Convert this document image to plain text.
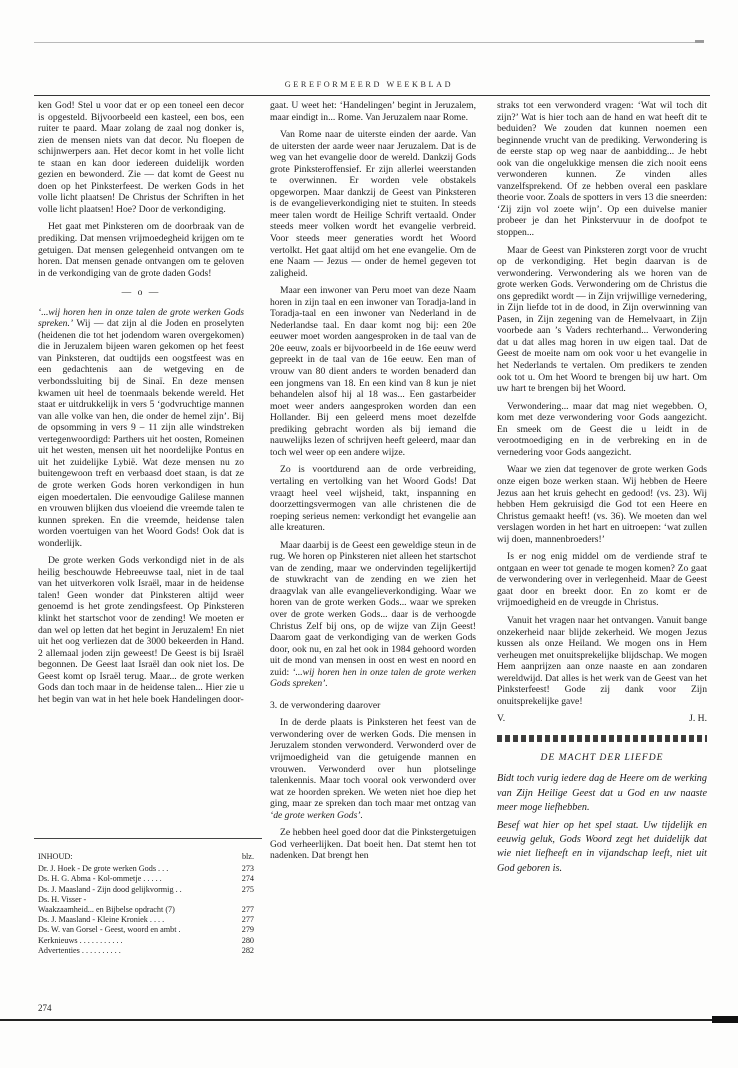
GEREFORMEERD WEEKBLAD

ken God! Stel u voor dat er op een toneel een decor is opgesteld. Bijvoorbeeld een kasteel, een bos, een ruiter te paard. Maar zolang de zaal nog donker is, zien de mensen niets van dat decor. Nu floepen de schijnwerpers aan. Het decor komt in het volle licht te staan en kan door iedereen duidelijk worden gezien en bewonderd. Zie — dat komt de Geest nu doen op het Pinksterfeest. De werken Gods in het volle licht plaatsen! De Christus der Schriften in het volle licht plaatsen! Hoe? Door de verkondiging.

Het gaat met Pinksteren om de doorbraak van de prediking. Dat mensen vrijmoedegheid krijgen om te getuigen. Dat mensen gelegenheid ontvangen om te horen. Dat mensen genade ontvangen om te geloven in de verkondiging van de grote daden Gods!

— o —

‘...wij horen hen in onze talen de grote werken Gods spreken.’ Wij — dat zijn al die Joden en proselyten (heidenen die tot het jodendom waren overgekomen) die in Jeruzalem bijeen waren gekomen op het feest van Pinksteren, dat oudtijds een oogstfeest was en een gedachtenis aan de wetgeving en de verbondssluiting bij de Sinaï. En deze mensen kwamen uit heel de toenmaals bekende wereld. Het staat er uitdrukkelijk in vers 5 ‘godvruchtige mannen van alle volke van hen, die onder de hemel zijn’. Bij de opsomming in vers 9 – 11 zijn alle windstreken vertegenwoordigd: Parthers uit het oosten, Romeinen uit het westen, mensen uit het noordelijke Pontus en uit het zuidelijke Lybië. Wat deze mensen nu zo buitengewoon treft en verbaasd doet staan, is dat ze de grote werken Gods horen verkondigen in hun eigen moedertalen. Die eenvoudige Galilese mannen en vrouwen blijken dus vloeiend die vreemde talen te kunnen spreken. En die vreemde, heidense talen worden voertuigen van het Woord Gods! Ook dat is wonderlijk.

De grote werken Gods verkondigd niet in de als heilig beschouwde Hebreeuwse taal, niet in de taal van het uitverkoren volk Israël, maar in de heidense talen! Geen wonder dat Pinksteren altijd weer genoemd is het grote zendingsfeest. Op Pinksteren klinkt het startschot voor de zending! We moeten er dan wel op letten dat het begint in Jeruzalem! En niet uit het oog verliezen dat de 3000 bekeerden in Hand. 2 allemaal joden zijn geweest! De Geest is bij Israël begonnen. De Geest laat Israël dan ook niet los. De Geest komt op Israël terug. Maar... de grote werken Gods dan toch maar in de heidense talen... Hier zie u het begin van wat in het hele boek Handelingen door-

INHOUD:	blz.
Dr. J. Hoek - De grote werken Gods . . .	273
Ds. H. G. Abma - Kol-ommetje . . . . .	274
Ds. J. Maasland - Zijn dood gelijkvormig . .	275
Ds. H. Visser -
Waakzaamheid... en Bijbelse opdracht (7)	277
Ds. J. Maasland - Kleine Kroniek . . . .	277
Ds. W. van Gorsel - Geest, woord en ambt .	279
Kerknieuws . . . . . . . . . . .	280
Advertenties . . . . . . . . . .	282

gaat. U weet het: ‘Handelingen’ begint in Jeruzalem, maar eindigt in... Rome. Van Jeruzalem naar Rome.

Van Rome naar de uiterste einden der aarde. Van de uitersten der aarde weer naar Jeruzalem. Dat is de weg van het evangelie door de wereld. Dankzij Gods grote Pinksteroffensief. Er zijn allerlei weerstanden te overwinnen. Er worden vele obstakels opgeworpen. Maar dankzij de Geest van Pinksteren is de evangelieverkondiging niet te stuiten. In steeds meer talen wordt de Heilige Schrift vertaald. Onder steeds meer volken wordt het evangelie verbreid. Voor steeds meer generaties wordt het Woord vertolkt. Het gaat altijd om het ene evangelie. Om de ene Naam — Jezus — onder de hemel gegeven tot zaligheid.

Maar een inwoner van Peru moet van deze Naam horen in zijn taal en een inwoner van Toradja-land in Toradja-taal en een inwoner van Nederland in de Nederlandse taal. En daar komt nog bij: een 20e eeuwer moet worden aangesproken in de taal van de 20e eeuw, zoals er bijvoorbeeld in de 16e eeuw werd gepreekt in de taal van de 16e eeuw. Een man of vrouw van 80 dient anders te worden benaderd dan een jongmens van 18. En een kind van 8 kun je niet behandelen alsof hij al 18 was... Een gastarbeider moet weer anders aangesproken worden dan een Hollander. Bij een geleerd mens moet dezelfde prediking gebracht worden als bij iemand die nauwelijks lezen of schrijven heeft geleerd, maar dan toch wel weer op een andere wijze.

Zo is voortdurend aan de orde verbreiding, vertaling en vertolking van het Woord Gods! Dat vraagt heel veel wijsheid, takt, inspanning en doorzettingsvermogen van alle christenen die de roeping serieus nemen: verkondigt het evangelie aan alle kreaturen.

Maar daarbij is de Geest een geweldige steun in de rug. We horen op Pinksteren niet alleen het startschot van de zending, maar we ondervinden tegelijkertijd de stuwkracht van de zending en we zien het draagvlak van alle evangelieverkondiging. Waar we horen van de grote werken Gods... waar we spreken over de grote werken Gods... daar is de verhoogde Christus Zelf bij ons, op de wijze van Zijn Geest! Daarom gaat de verkondiging van de werken Gods door, ook nu, en zal het ook in 1984 gehoord worden uit de mond van mensen in oost en west en noord en zuid: ‘...wij horen hen in onze talen de grote werken Gods spreken’.

3. de verwondering daarover

In de derde plaats is Pinksteren het feest van de verwondering over de werken Gods. Die mensen in Jeruzalem stonden verwonderd. Verwonderd over de vrijmoedigheid van die getuigende mannen en vrouwen. Verwonderd over hun plotselinge talenkennis. Maar toch vooral ook verwonderd over wat ze hoorden spreken. We weten niet hoe diep het ging, maar ze spreken dan toch maar met ontzag van ‘de grote werken Gods’.

Ze hebben heel goed door dat die Pinkstergetuigen God verheerlijken. Dat boeit hen. Dat stemt hen tot nadenken. Dat brengt hen

straks tot een verwonderd vragen: ‘Wat wil toch dit zijn?’ Wat is hier toch aan de hand en wat heeft dit te beduiden? We zouden dat kunnen noemen een beginnende vrucht van de prediking. Verwondering is de eerste stap op weg naar de aanbidding... Je hebt ook van die ongelukkige mensen die zich nooit eens verwonderen kunnen. Ze vinden alles vanzelfsprekend. Of ze hebben overal een pasklare theorie voor. Zoals de spotters in vers 13 die sneerden: ‘Zij zijn vol zoete wijn’. Op een duivelse manier probeer je dan het Pinkstervuur in de doofpot te stoppen...

Maar de Geest van Pinksteren zorgt voor de vrucht op de verkondiging. Het begin daarvan is de verwondering. Verwondering als we horen van de grote werken Gods. Verwondering om de Christus die ons gepredikt wordt — in Zijn vrijwillige vernedering, in Zijn liefde tot in de dood, in Zijn overwinning van Pasen, in Zijn zegening van de Hemelvaart, in Zijn voorbede aan ’s Vaders rechterhand... Verwondering dat u dat alles mag horen in uw eigen taal. Dat de Geest de moeite nam om ook voor u het evangelie in het Nederlands te vertalen. Om predikers te zenden ook tot u. Om het Woord te brengen bij uw hart. Om uw hart te brengen bij het Woord.

Verwondering... maar dat mag niet wegebben. O, kom met deze verwondering voor Gods aangezicht. En smeek om de Geest die u leidt in de verootmoediging en in de verbreking en in de vernedering voor Gods aangezicht.

Waar we zien dat tegenover de grote werken Gods onze eigen boze werken staan. Wij hebben de Heere Jezus aan het kruis gehecht en gedood! (vs. 23). Wij hebben Hem gekruisigd die God tot een Heere en Christus gemaakt heeft! (vs. 36). We moeten dan wel verslagen worden in het hart en uitroepen: ‘wat zullen wij doen, mannenbroeders!’

Is er nog enig middel om de verdiende straf te ontgaan en weer tot genade te mogen komen? Zo gaat de verwondering over in verlegenheid. Maar de Geest gaat door en breekt door. En zo komt er de vrijmoedigheid en de vreugde in Christus.

Vanuit het vragen naar het ontvangen. Vanuit bange onzekerheid naar blijde zekerheid. We mogen Jezus kussen als onze Heiland. We mogen ons in Hem verheugen met onuitsprekelijke blijdschap. We mogen Hem aanprijzen aan onze naaste en aan zondaren wereldwijd. Dat alles is het werk van de Geest van het Pinksterfeest! Gode zij dank voor Zijn onuitsprekelijke gave!

V.	J. H.
DE MACHT DER LIEFDE
Bidt toch vurig iedere dag de Heere om de werking van Zijn Heilige Geest dat u God en uw naaste meer moge liefhebben.
Besef wat hier op het spel staat. Uw tijdelijk en eeuwig geluk, Gods Woord zegt het duidelijk dat wie niet liefheeft en in vijandschap leeft, niet uit God geboren is.
274
